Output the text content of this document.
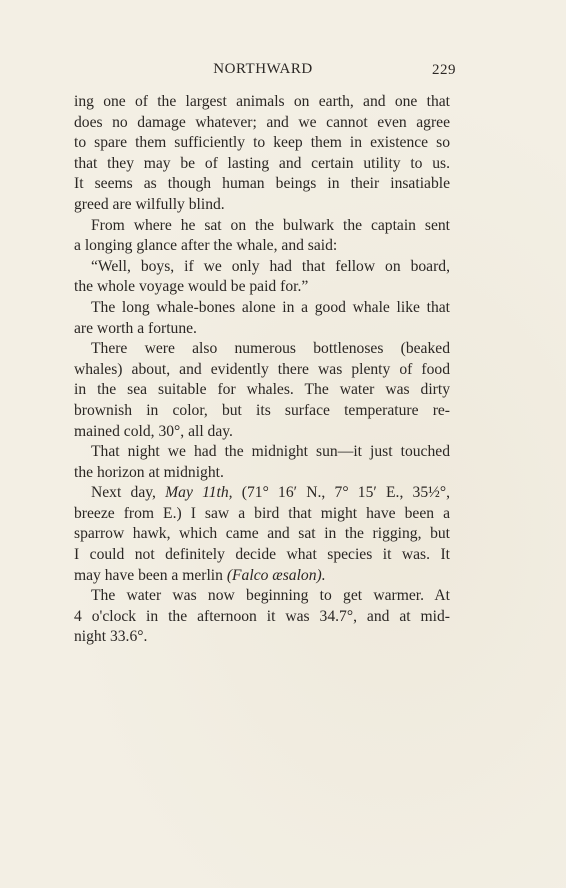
NORTHWARD	229
ing one of the largest animals on earth, and one that
does no damage whatever; and we cannot even agree
to spare them sufficiently to keep them in existence so
that they may be of lasting and certain utility to us.
It seems as though human beings in their insatiable
greed are wilfully blind.
From where he sat on the bulwark the captain sent
a longing glance after the whale, and said:
“Well, boys, if we only had that fellow on board,
the whole voyage would be paid for.”
The long whale-bones alone in a good whale like that
are worth a fortune.
There were also numerous bottlenoses (beaked
whales) about, and evidently there was plenty of food
in the sea suitable for whales. The water was dirty
brownish in color, but its surface temperature re-
mained cold, 30°, all day.
That night we had the midnight sun—it just touched
the horizon at midnight.
Next day, May 11th, (71° 16′ N., 7° 15′ E., 35½°,
breeze from E.) I saw a bird that might have been a
sparrow hawk, which came and sat in the rigging, but
I could not definitely decide what species it was. It
may have been a merlin (Falco æsalon).
The water was now beginning to get warmer. At
4 o'clock in the afternoon it was 34.7°, and at mid-
night 33.6°.
